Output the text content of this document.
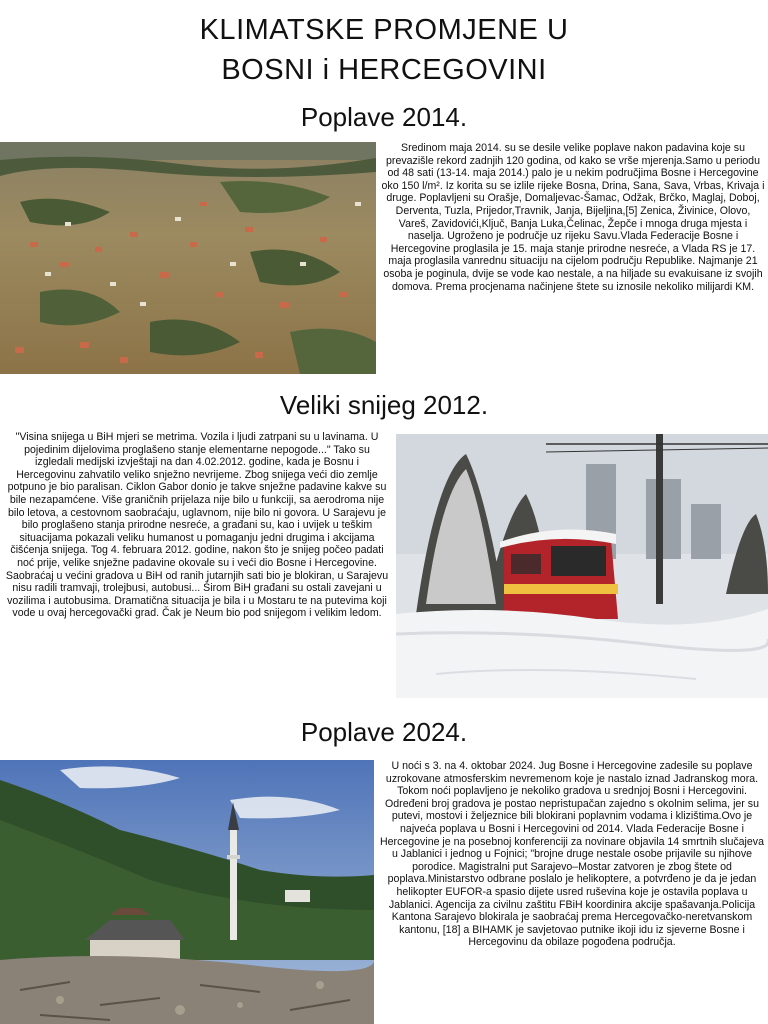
KLIMATSKE PROMJENE U
BOSNI i HERCEGOVINI
Poplave 2014.

Sredinom maja 2014. su se desile velike poplave nakon padavina koje su prevazišle rekord zadnjih 120 godina, od kako se vrše mjerenja.Samo u periodu od 48 sati (13-14. maja 2014.) palo je u nekim područjima Bosne i Hercegovine oko 150 l/m². Iz korita su se izlile rijeke Bosna, Drina, Sana, Sava, Vrbas, Krivaja i druge. Poplavljeni su Orašje, Domaljevac-Šamac, Odžak, Brčko, Maglaj, Doboj, Derventa, Tuzla, Prijedor,Travnik, Janja, Bijeljina,[5] Zenica, Živinice, Olovo, Vareš, Zavidovići,Ključ, Banja Luka,Čelinac, Žepče i mnoga druga mjesta i naselja. Ugroženo je područje uz rijeku Savu.Vlada Federacije Bosne i Hercegovine proglasila je 15. maja stanje prirodne nesreće, a Vlada RS je 17. maja proglasila vanrednu situaciju na cijelom području Republike. Najmanje 21 osoba je poginula, dvije se vode kao nestale, a na hiljade su evakuisane iz svojih domova. Prema procjenama načinjene štete su iznosile nekoliko milijardi KM.

Veliki snijeg 2012.

"Visina snijega u BiH mjeri se metrima. Vozila i ljudi zatrpani su u lavinama. U pojedinim dijelovima proglašeno stanje elementarne nepogode..." Tako su izgledali medijski izvještaji na dan 4.02.2012. godine, kada je Bosnu i Hercegovinu zahvatilo veliko snježno nevrijeme. Zbog snijega veći dio zemlje potpuno je bio paralisan. Ciklon Gabor donio je takve snježne padavine kakve su bile nezapamćene. Više graničnih prijelaza nije bilo u funkciji, sa aerodroma nije bilo letova, a cestovnom saobraćaju, uglavnom, nije bilo ni govora. U Sarajevu je bilo proglašeno stanja prirodne nesreće, a građani su, kao i uvijek u teškim situacijama pokazali veliku humanost u pomaganju jedni drugima i akcijama čišćenja snijega. Tog 4. februara 2012. godine, nakon što je snijeg počeo padati noć prije, velike snježne padavine okovale su i veći dio Bosne i Hercegovine. Saobraćaj u većini gradova u BiH od ranih jutarnjih sati bio je blokiran, u Sarajevu nisu radili tramvaji, trolejbusi, autobusi... Širom BiH građani su ostali zavejani u vozilima i autobusima. Dramatična situacija je bila i u Mostaru te na putevima koji vode u ovaj hercegovački grad. Čak je Neum bio pod snijegom i velikim ledom.

Poplave 2024.

U noći s 3. na 4. oktobar 2024. Jug Bosne i Hercegovine zadesile su poplave uzrokovane atmosferskim nevremenom koje je nastalo iznad Jadranskog mora. Tokom noći poplavljeno je nekoliko gradova u srednjoj Bosni i Hercegovini. Određeni broj gradova je postao nepristupačan zajedno s okolnim selima, jer su putevi, mostovi i željeznice bili blokirani poplavnim vodama i klizištima.Ovo je najveća poplava u Bosni i Hercegovini od 2014. Vlada Federacije Bosne i Hercegovine je na posebnoj konferenciji za novinare objavila 14 smrtnih slučajeva u Jablanici i jednog u Fojnici; "brojne druge nestale osobe prijavile su njihove porodice. Magistralni put Sarajevo–Mostar zatvoren je zbog štete od poplava.Ministarstvo odbrane poslalo je helikoptere, a potvrđeno je da je jedan helikopter EUFOR-a spasio dijete usred ruševina koje je ostavila poplava u Jablanici. Agencija za civilnu zaštitu FBiH koordinira akcije spašavanja.Policija Kantona Sarajevo blokirala je saobraćaj prema Hercegovačko-neretvanskom kantonu, [18] a BIHAMK je savjetovao putnike ikoji idu iz sjeverne Bosne i Hercegovinu da obilaze pogođena područja.
